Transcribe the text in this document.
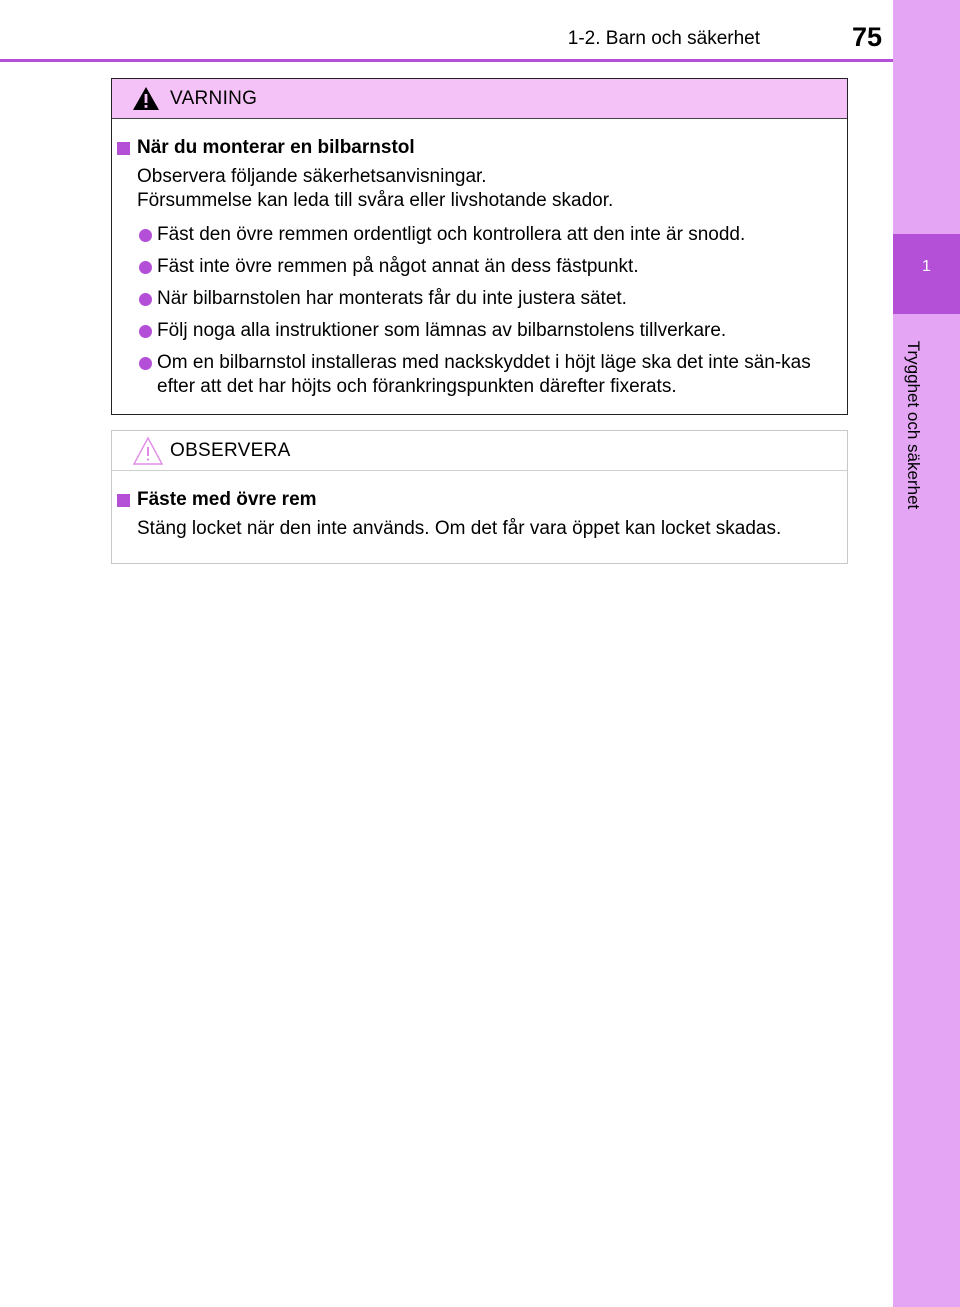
1-2. Barn och säkerhet	75
1
Trygghet och säkerhet
VARNING
När du monterar en bilbarnstol
Observera följande säkerhetsanvisningar.
Försummelse kan leda till svåra eller livshotande skador.
Fäst den övre remmen ordentligt och kontrollera att den inte är snodd.
Fäst inte övre remmen på något annat än dess fästpunkt.
När bilbarnstolen har monterats får du inte justera sätet.
Följ noga alla instruktioner som lämnas av bilbarnstolens tillverkare.
Om en bilbarnstol installeras med nackskyddet i höjt läge ska det inte sän-kas efter att det har höjts och förankringspunkten därefter fixerats.
OBSERVERA
Fäste med övre rem
Stäng locket när den inte används. Om det får vara öppet kan locket skadas.
